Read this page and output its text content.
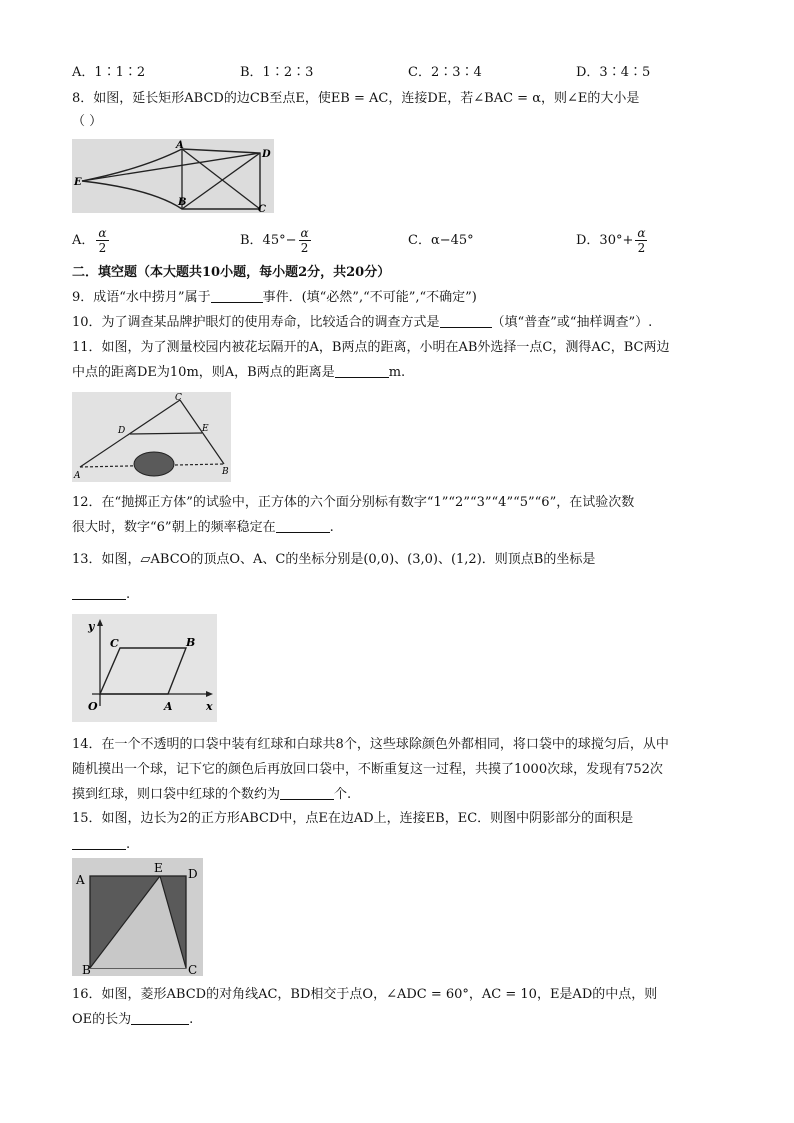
A．1∶1∶2	B．1∶2∶3	C．2∶3∶4	D．3∶4∶5
8．如图，延长矩形ABCD的边CB至点E，使EB = AC，连接DE，若∠BAC = α，则∠E的大小是
（ ）
A
D
E
B
C
A． $\frac{\alpha}{2}$	B．$45^\circ- \frac{\alpha}{2}$	C．α−45°	D．$30^\circ+ \frac{\alpha}{2}$
二．填空题（本大题共10小题，每小题2分，共20分）
9．成语“水中捞月”属于	事件．(填“必然”,“不可能”,“不确定”)
10．为了调查某品牌护眼灯的使用寿命，比较适合的调查方式是	（填“普查”或“抽样调查”）.
11．如图，为了测量校园内被花坛隔开的A，B两点的距离，小明在AB外选择一点C，测得AC，BC两边
中点的距离DE为10m，则A，B两点的距离是	m.
C
D	E
A	B
12．在“抛掷正方体”的试验中，正方体的六个面分别标有数字“1”“2”“3”“4”“5”“6”，在试验次数
很大时，数字“6”朝上的频率稳定在	.
13．如图，▱ABCO的顶点O、A、C的坐标分别是(0,0)、(3,0)、(1,2)．则顶点B的坐标是
.
y
x
O	A
B
C
14．在一个不透明的口袋中装有红球和白球共8个，这些球除颜色外都相同，将口袋中的球搅匀后，从中
随机摸出一个球，记下它的颜色后再放回口袋中，不断重复这一过程，共摸了1000次球，发现有752次
摸到红球，则口袋中红球的个数约为	个.
15．如图，边长为2的正方形ABCD中，点E在边AD上，连接EB，EC．则图中阴影部分的面积是
.
A
E D
B	C
16．如图，菱形ABCD的对角线AC，BD相交于点O，∠ADC = 60°，AC = 10，E是AD的中点，则
OE的长为	.
